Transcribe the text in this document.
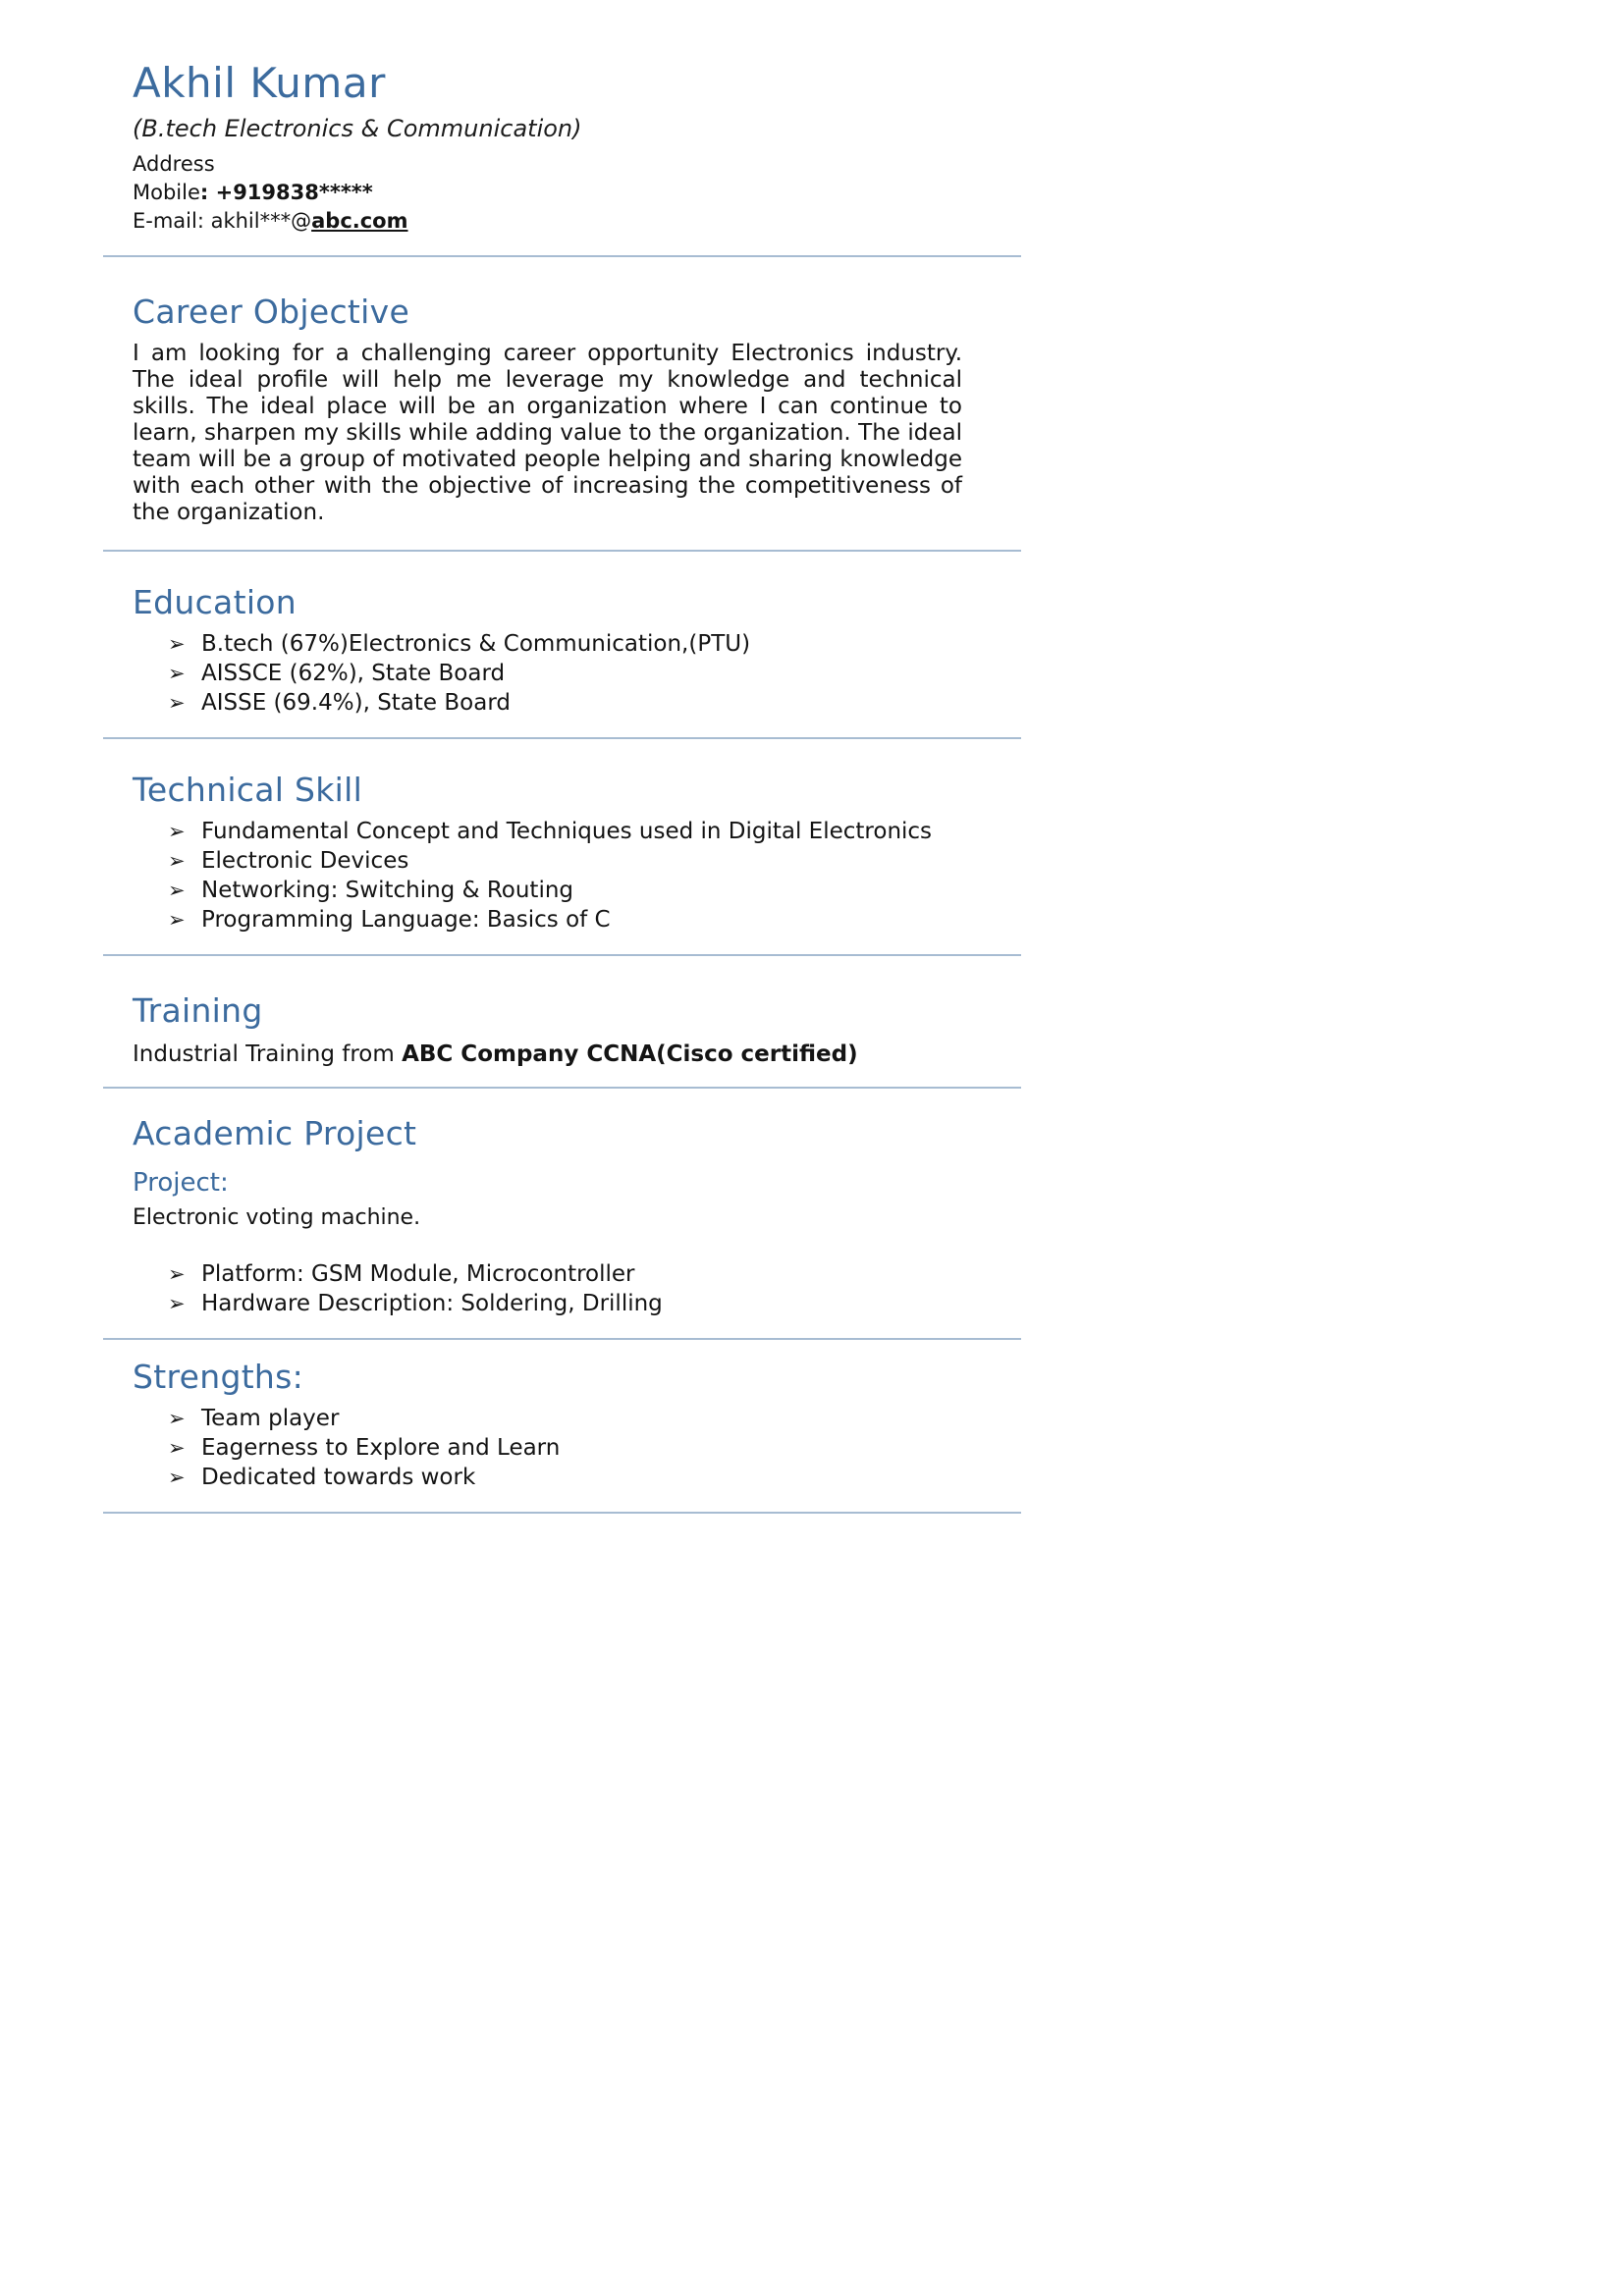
Akhil Kumar

(B.tech Electronics & Communication)

Address

Mobile: +919838*****

E-mail: akhil***@abc.com

Career Objective

I am looking for a challenging career opportunity Electronics industry. The ideal profile will help me leverage my knowledge and technical skills. The ideal place will be an organization where I can continue to learn, sharpen my skills while adding value to the organization. The ideal team will be a group of motivated people helping and sharing knowledge with each other with the objective of increasing the competitiveness of the organization.

Education
➢ B.tech (67%)Electronics & Communication,(PTU)
➢ AISSCE (62%), State Board
➢ AISSE (69.4%), State Board
Technical Skill
➢ Fundamental Concept and Techniques used in Digital Electronics
➢ Electronic Devices
➢ Networking: Switching & Routing
➢ Programming Language: Basics of C
Training

Industrial Training from ABC Company CCNA(Cisco certified)

Academic Project
Project:

Electronic voting machine.

➢ Platform: GSM Module, Microcontroller
➢ Hardware Description: Soldering, Drilling
Strengths:
➢ Team player
➢ Eagerness to Explore and Learn
➢ Dedicated towards work
